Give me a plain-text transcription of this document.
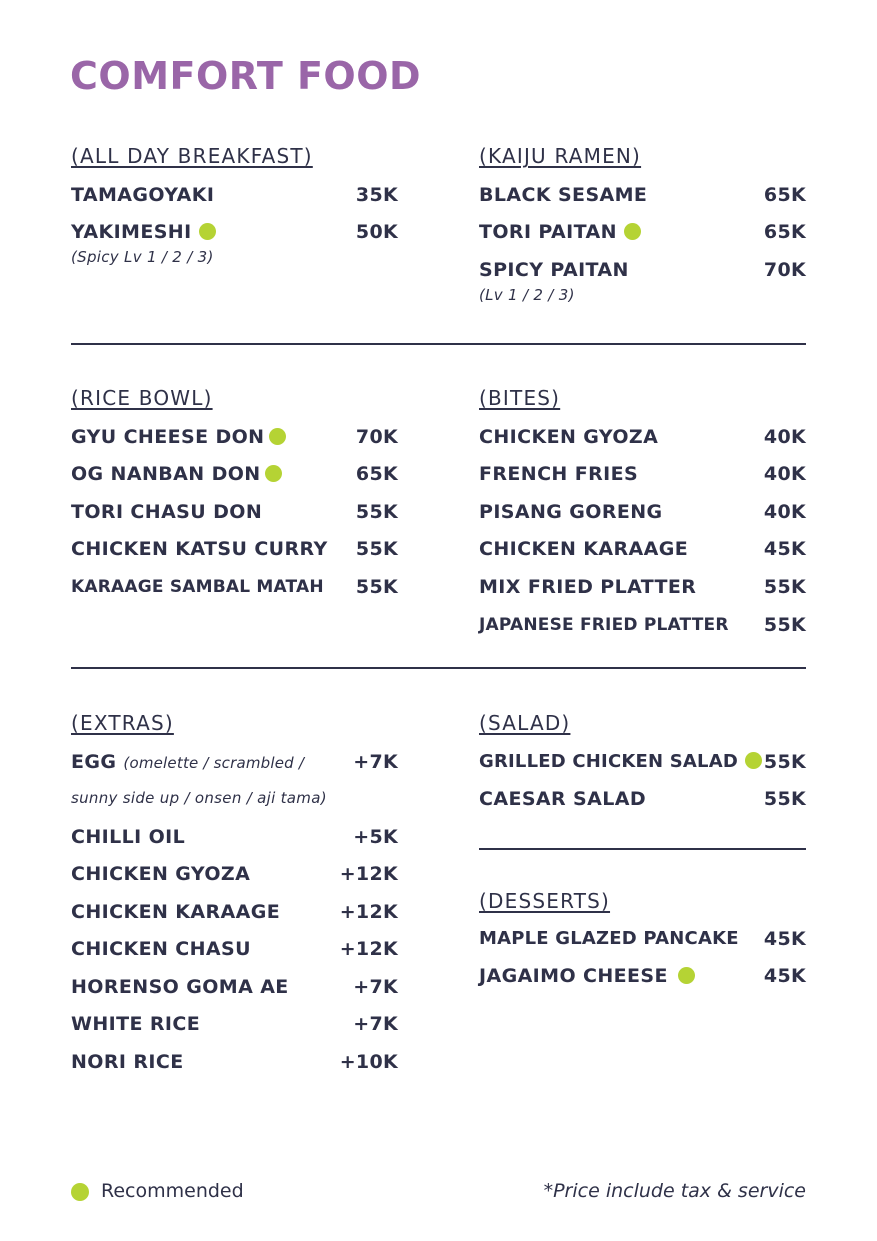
COMFORT FOOD
(ALL DAY BREAKFAST)
TAMAGOYAKI	35K
YAKIMESHI	50K
(Spicy Lv 1 / 2 / 3)
(KAIJU RAMEN)
BLACK SESAME	65K
TORI PAITAN	65K
SPICY PAITAN	70K
(Lv 1 / 2 / 3)
(RICE BOWL)
GYU CHEESE DON	70K
OG NANBAN DON	65K
TORI CHASU DON	55K
CHICKEN KATSU CURRY 55K
KARAAGE SAMBAL MATAH 55K
(BITES)
CHICKEN GYOZA	40K
FRENCH FRIES	40K
PISANG GORENG	40K
CHICKEN KARAAGE	45K
MIX FRIED PLATTER	55K
JAPANESE FRIED PLATTER 55K
(EXTRAS)
EGG (omelette / scrambled /	+7K
sunny side up / onsen / aji tama)
CHILLI OIL	+5K
CHICKEN GYOZA	+12K
CHICKEN KARAAGE	+12K
CHICKEN CHASU	+12K
HORENSO GOMA AE	+7K
WHITE RICE	+7K
NORI RICE	+10K
(SALAD)
GRILLED CHICKEN SALAD	55K
CAESAR SALAD	55K
(DESSERTS)
MAPLE GLAZED PANCAKE 45K
JAGAIMO CHEESE	45K
Recommended	*Price include tax & service
